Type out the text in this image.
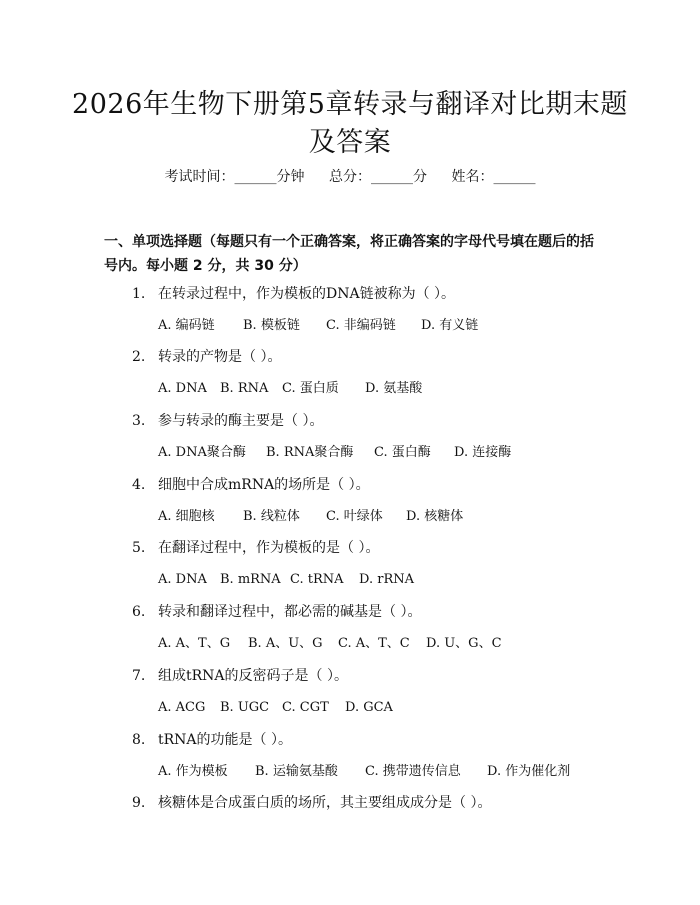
2026年生物下册第5章转录与翻译对比期末题及答案
考试时间：______分钟 总分：______分 姓名：______
一、单项选择题（每题只有一个正确答案，将正确答案的字母代号填在题后的括号内。每小题 2 分，共 30 分）
1. 在转录过程中，作为模板的DNA链被称为（ ）。
A. 编码链 B. 模板链 C. 非编码链 D. 有义链
2. 转录的产物是（ ）。
A. DNA B. RNA C. 蛋白质 D. 氨基酸
3. 参与转录的酶主要是（ ）。
A. DNA聚合酶 B. RNA聚合酶 C. 蛋白酶 D. 连接酶
4. 细胞中合成mRNA的场所是（ ）。
A. 细胞核 B. 线粒体 C. 叶绿体 D. 核糖体
5. 在翻译过程中，作为模板的是（ ）。
A. DNA B. mRNA C. tRNA D. rRNA
6. 转录和翻译过程中，都必需的碱基是（ ）。
A. A、T、G B. A、U、G C. A、T、C D. U、G、C
7. 组成tRNA的反密码子是（ ）。
A. ACG B. UGC C. CGT D. GCA
8. tRNA的功能是（ ）。
A. 作为模板 B. 运输氨基酸 C. 携带遗传信息 D. 作为催化剂
9. 核糖体是合成蛋白质的场所，其主要组成成分是（ ）。
